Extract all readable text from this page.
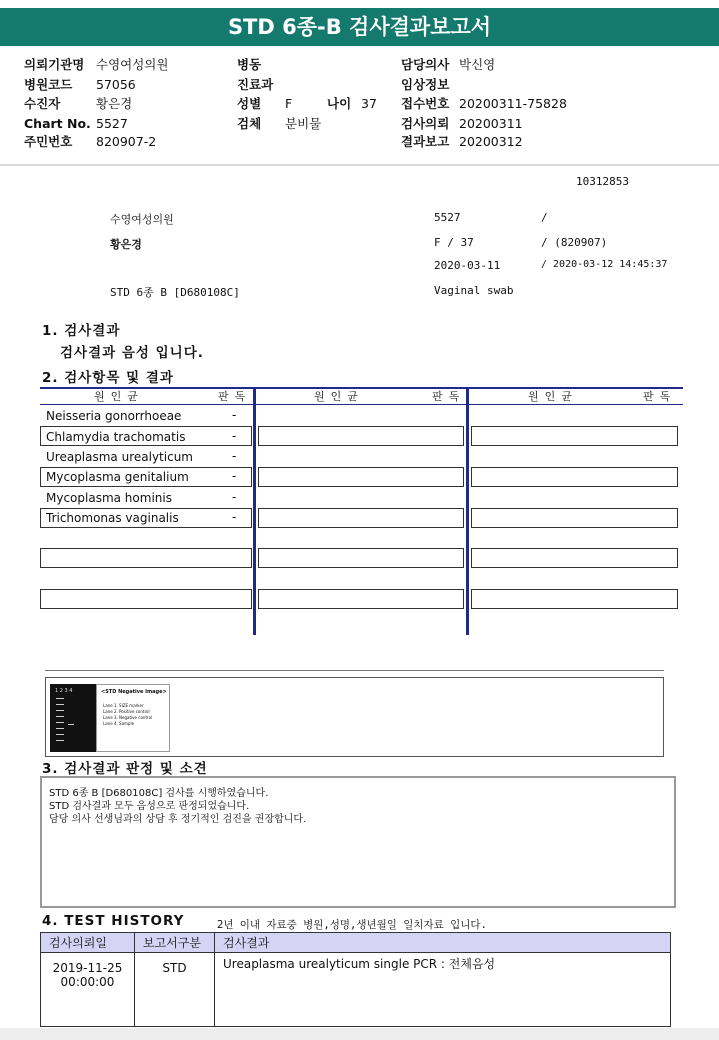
STD 6종-B 검사결과보고서
의뢰기관명 수영여성의원
병원코드 57056
수진자	황은경
Chart No. 5527
주민번호 820907-2
병동
진료과
성별 F	나이 37
검체 분비물
담당의사 박신영
임상정보
접수번호 20200311-75828
검사의뢰 20200311
결과보고 20200312
10312853
수영여성의원
황은경
STD 6종 B [D680108C]
5527	/
F / 37	/ (820907)
2020-03-11	/ 2020-03-12 14:45:37
Vaginal swab
1. 검사결과
검사결과 음성 입니다.
2. 검사항목 및 결과
원인균	판독	원인균	판독	원인균	판독
Neisseria gonorrhoeae	-
Chlamydia trachomatis	-
Ureaplasma urealyticum	-
Mycoplasma genitalium	-
Mycoplasma hominis	-
Trichomonas vaginalis	-
1 2 3 4	<STD Negative Image>
Lane 1. SIZE marker
Lane 2. Positive control
Lane 3. Negative control
Lane 4. Sample
3. 검사결과 판정 및 소견
STD 6종 B [D680108C] 검사를 시행하였습니다.
STD 검사결과 모두 음성으로 판정되었습니다.
담당 의사 선생님과의 상담 후 정기적인 검진을 권장합니다.
4. TEST HISTORY	2년 이내 자료중 병원,성명,생년월일 일치자료 입니다.
검사의뢰일	보고서구분	검사결과

2019-11-25
00:00:00	STD	Ureaplasma urealyticum single PCR : 전체음성
